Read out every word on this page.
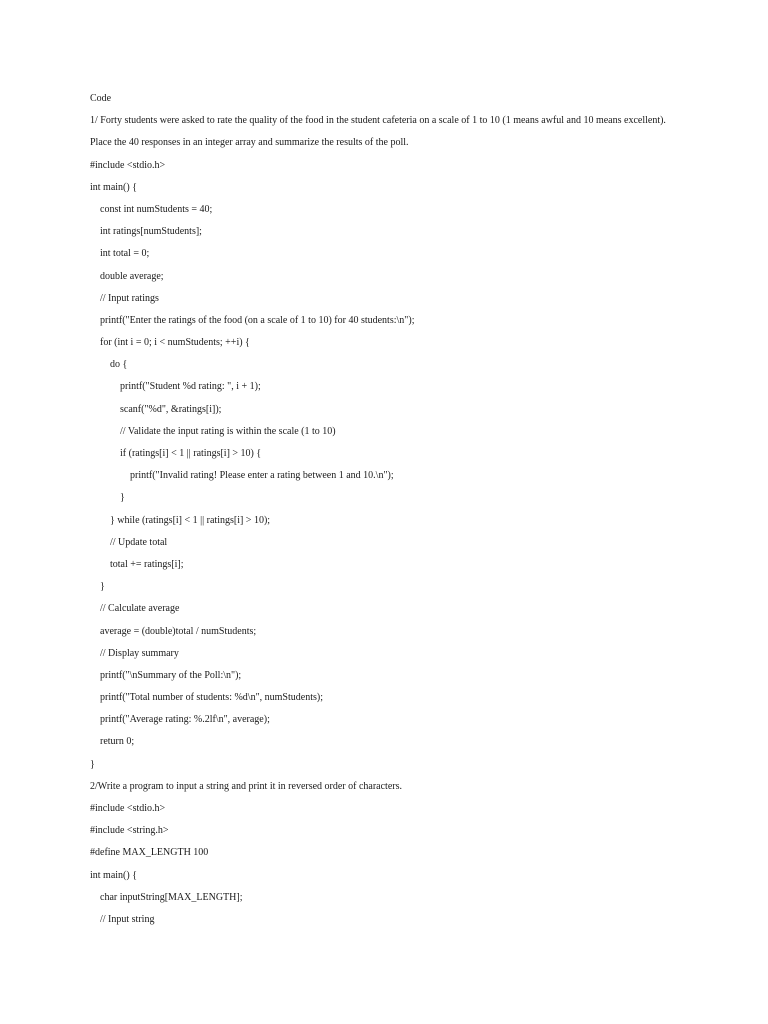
Code
1/ Forty students were asked to rate the quality of the food in the student cafeteria on a scale of 1 to 10 (1 means awful and 10 means excellent).
Place the 40 responses in an integer array and summarize the results of the poll.
#include <stdio.h>
int main() {
const int numStudents = 40;
int ratings[numStudents];
int total = 0;
double average;
// Input ratings
printf("Enter the ratings of the food (on a scale of 1 to 10) for 40 students:\n");
for (int i = 0; i < numStudents; ++i) {
do {
printf("Student %d rating: ", i + 1);
scanf("%d", &ratings[i]);
// Validate the input rating is within the scale (1 to 10)
if (ratings[i] < 1 || ratings[i] > 10) {
printf("Invalid rating! Please enter a rating between 1 and 10.\n");
}
} while (ratings[i] < 1 || ratings[i] > 10);
// Update total
total += ratings[i];
}
// Calculate average
average = (double)total / numStudents;
// Display summary
printf("\nSummary of the Poll:\n");
printf("Total number of students: %d\n", numStudents);
printf("Average rating: %.2lf\n", average);
return 0;
}
2/Write a program to input a string and print it in reversed order of characters.
#include <stdio.h>
#include <string.h>
#define MAX_LENGTH 100
int main() {
char inputString[MAX_LENGTH];
// Input string
